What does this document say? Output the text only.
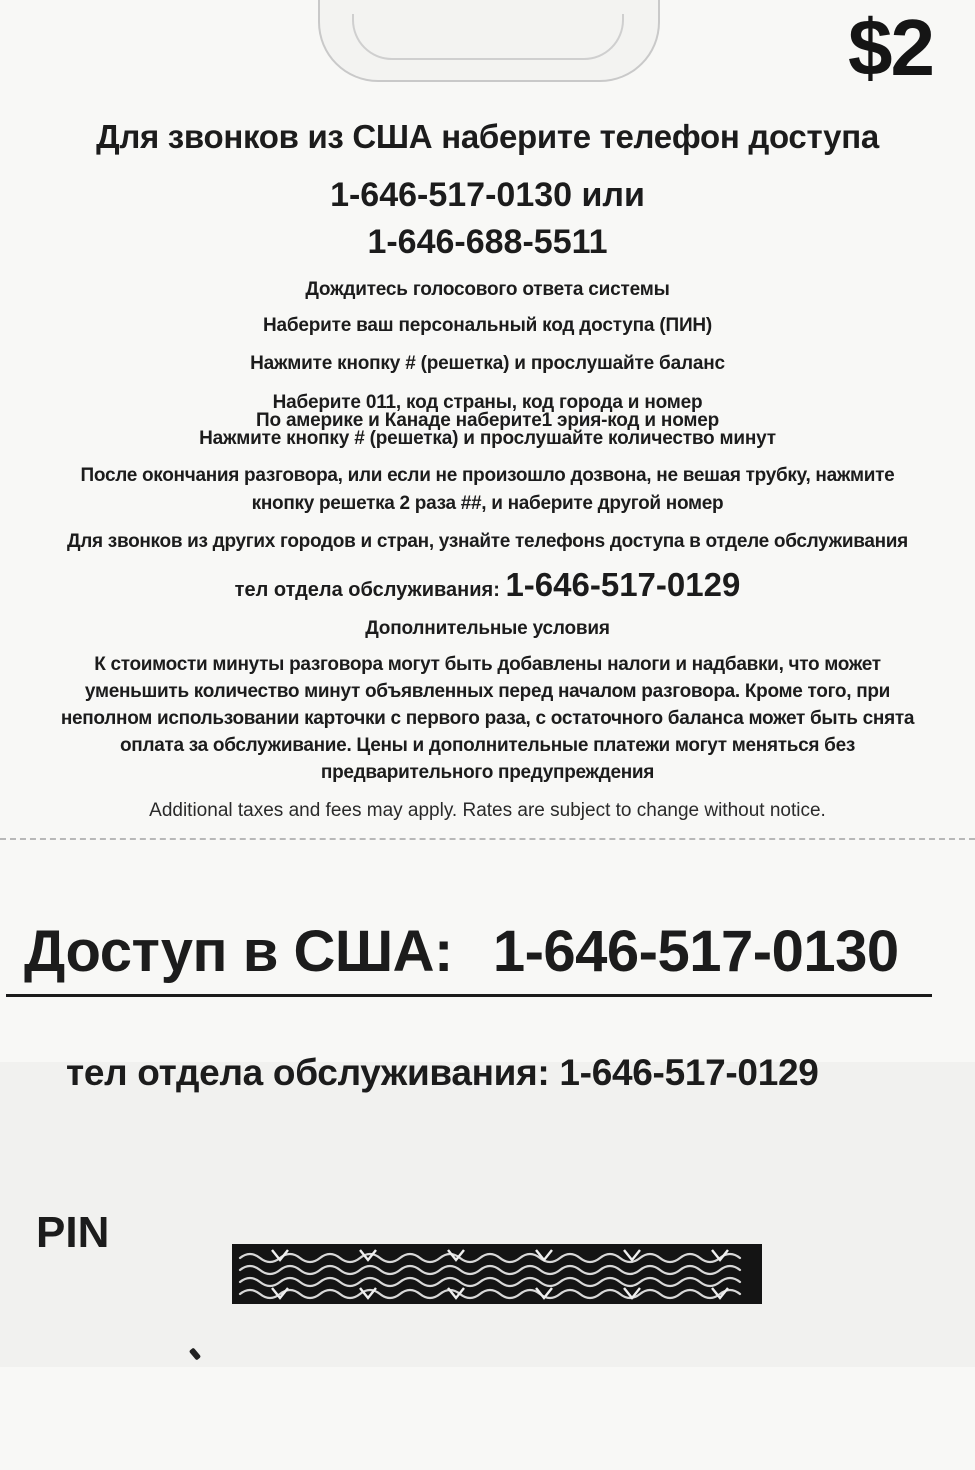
$2

Для звонков из США наберите телефон доступа

1-646-517-0130 или

1-646-688-5511

Дождитесь голосового ответа системы

Наберите ваш персональный код доступа (ПИН)

Нажмите кнопку # (решетка) и прослушайте баланс

Наберите 011, код страны, код города и номер

По америке и Канаде наберите1 эрия-код и номер

Нажмите кнопку # (решетка) и прослушайте количество минут

После окончания разговора, или если не произошло дозвона, не вешая трубку, нажмите

кнопку решетка 2 раза ##, и наберите другой номер

Для звонков из других городов и стран, узнайте телефонs доступа в отделе обслуживания

тел отдела обслуживания: 1-646-517-0129

Дополнительные условия

К стоимости минуты разговора могут быть добавлены налоги и надбавки, что может

уменьшить количество минут объявленных перед началом разговора. Кроме того, при

неполном использовании карточки с первого раза, с остаточного баланса может быть снята

оплата за обслуживание. Цены и дополнительные платежи могут меняться без

предварительного предупреждения

Additional taxes and fees may apply. Rates are subject to change without notice.

Доступ в США: 1-646-517-0130
тел отдела обслуживания: 1-646-517-0129
PIN
